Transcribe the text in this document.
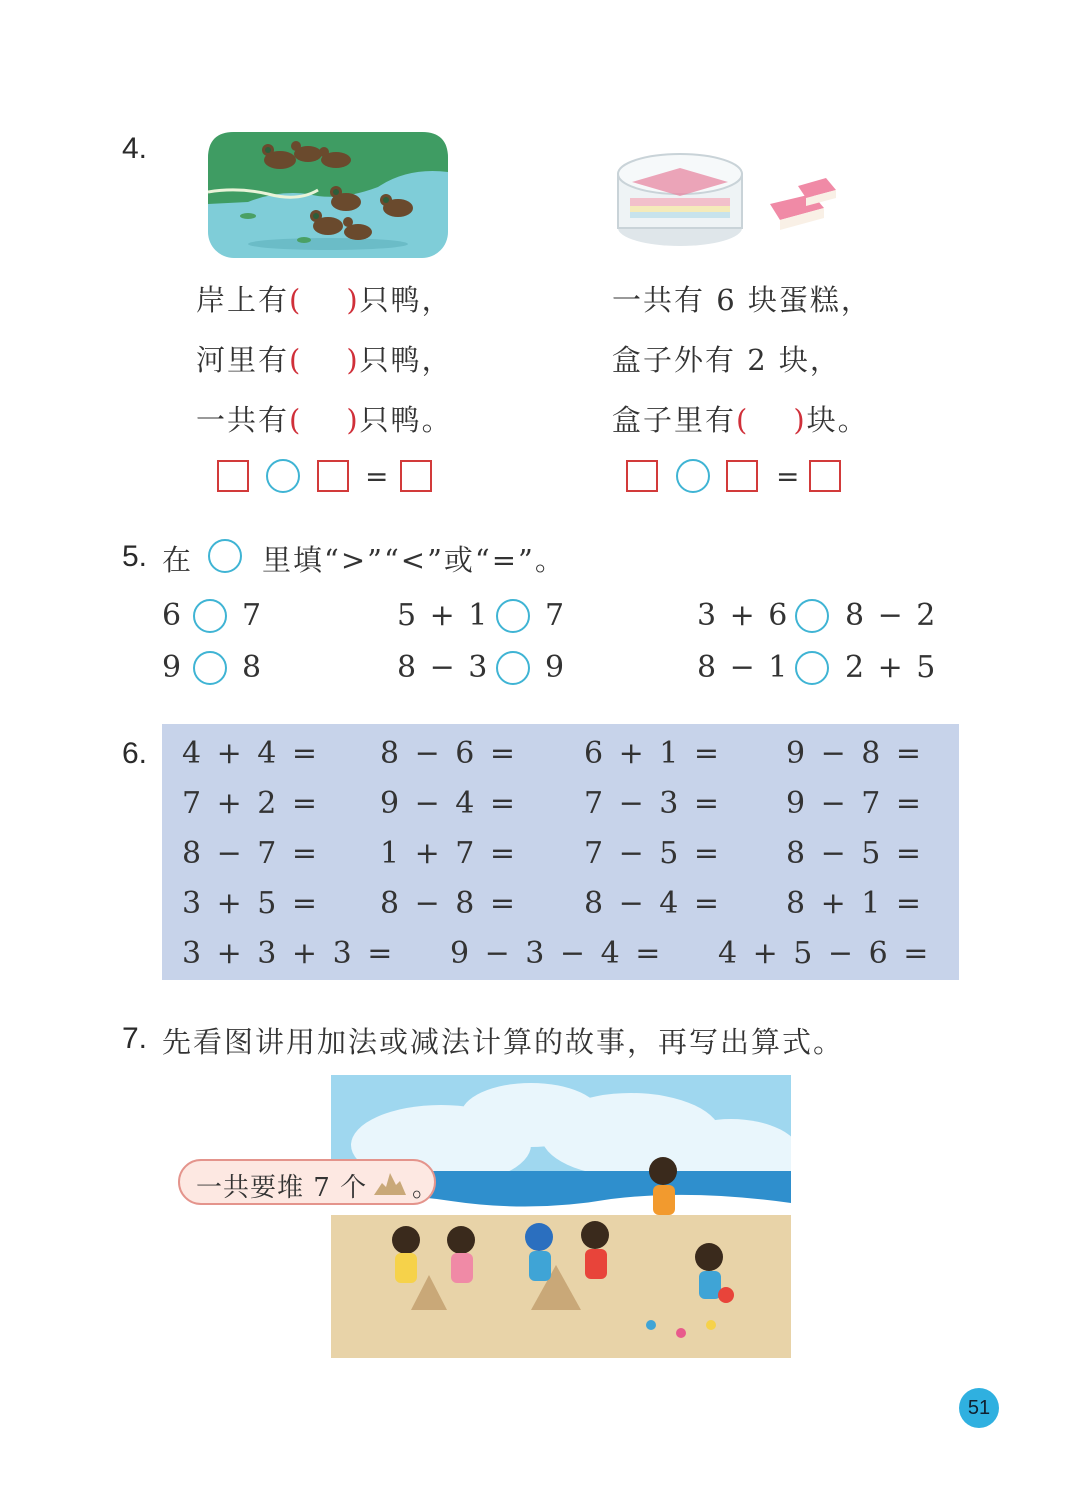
4.
岸上有( )只鸭，
河里有( )只鸭，
一共有( )只鸭。
一共有 6 块蛋糕，
盒子外有 2 块，
盒子里有( )块。
=	=
5. 在 里填“>”“<”或“=”。
6 7	5 + 1 7	3 + 6 8 − 2
9 8	8 − 3 9	8 − 1 2 + 5
6. 4 + 4 = 8 − 6 = 6 + 1 = 9 − 8 =
7 + 2 = 9 − 4 = 7 − 3 = 9 − 7 =
8 − 7 = 1 + 7 = 7 − 5 = 8 − 5 =
3 + 5 = 8 − 8 = 8 − 4 = 8 + 1 =
3 + 3 + 3 = 9 − 3 − 4 = 4 + 5 − 6 =
7. 先看图讲用加法或减法计算的故事，再写出算式。
一共要堆 7 个 。
51
